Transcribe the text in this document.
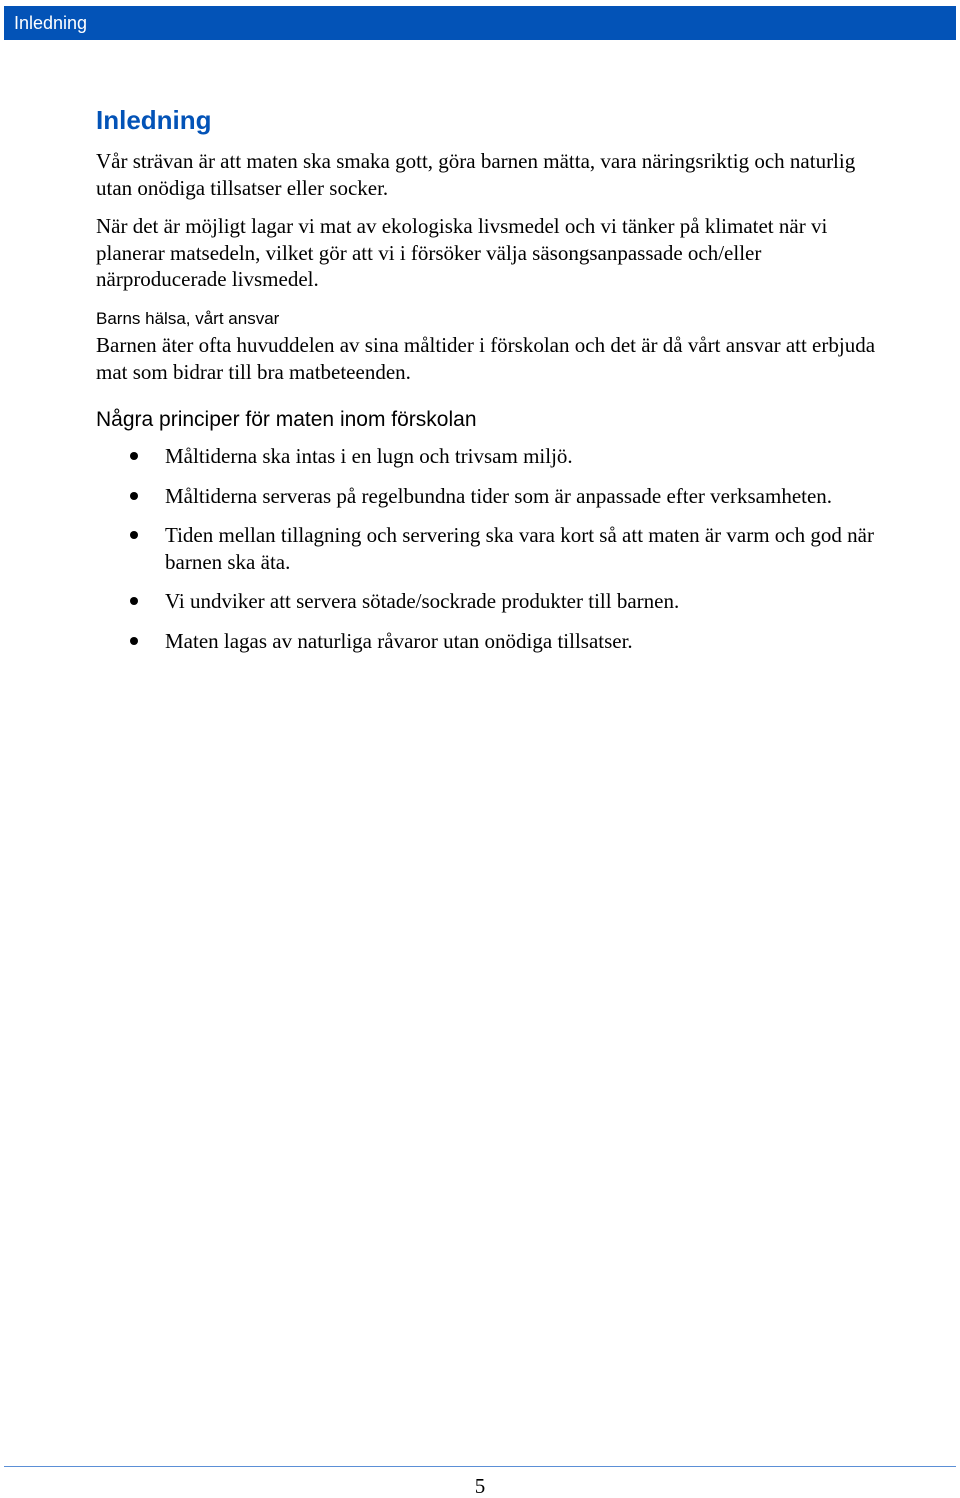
Inledning
Inledning

Vår strävan är att maten ska smaka gott, göra barnen mätta, vara näringsriktig och naturlig utan onödiga tillsatser eller socker.

När det är möjligt lagar vi mat av ekologiska livsmedel och vi tänker på klimatet när vi planerar matsedeln, vilket gör att vi i försöker välja säsongsanpassade och/eller närproducerade livsmedel.

Barns hälsa, vårt ansvar

Barnen äter ofta huvuddelen av sina måltider i förskolan och det är då vårt ansvar att erbjuda mat som bidrar till bra matbeteenden.

Några principer för maten inom förskolan
Måltiderna ska intas i en lugn och trivsam miljö.
Måltiderna serveras på regelbundna tider som är anpassade efter verksamheten.
Tiden mellan tillagning och servering ska vara kort så att maten är varm och god när barnen ska äta.
Vi undviker att servera sötade/sockrade produkter till barnen.
Maten lagas av naturliga råvaror utan onödiga tillsatser.
5
